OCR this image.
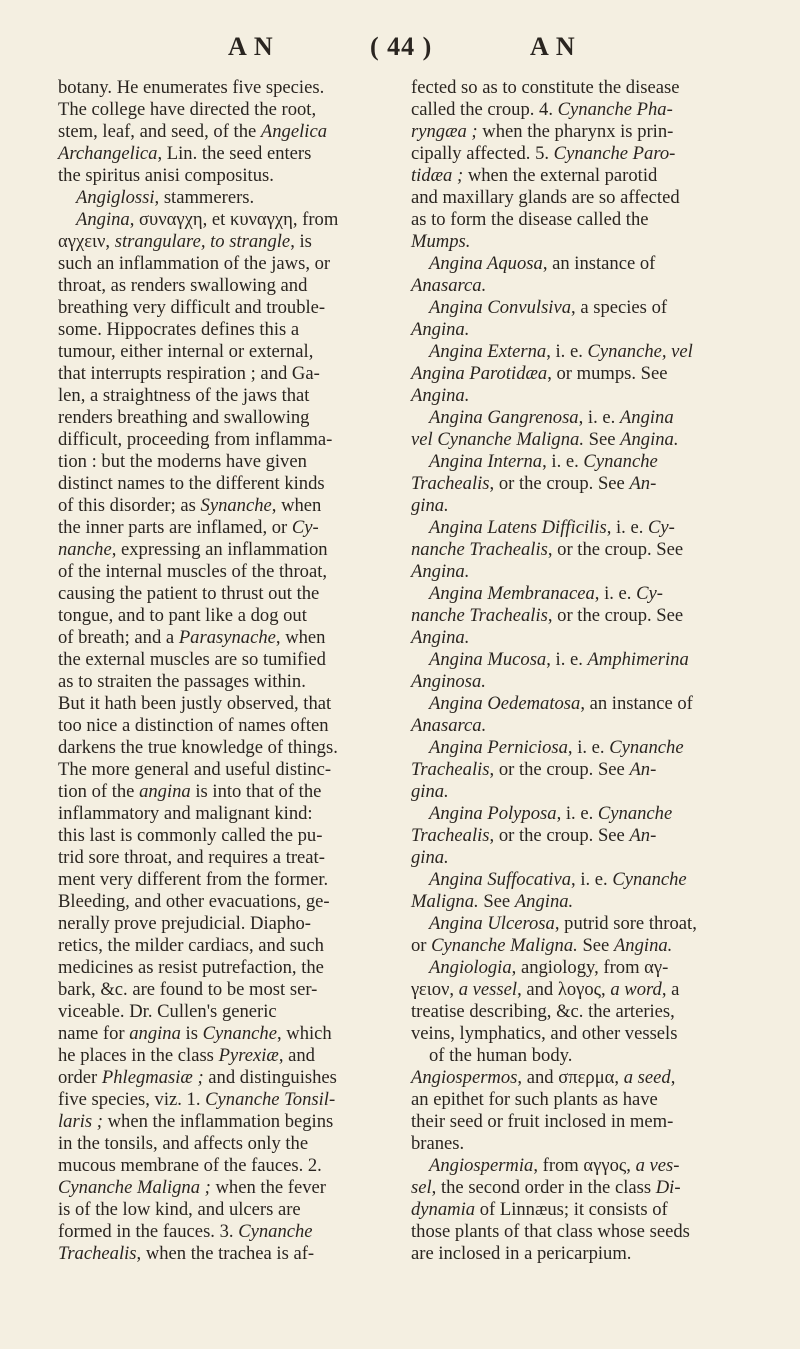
A N	( 44 )	A N
botany. He enumerates five species.
The college have directed the root,
stem, leaf, and seed, of the Angelica
Archangelica, Lin. the seed enters
the spiritus anisi compositus.
Angiglossi, stammerers.
Angina, συναγχη, et κυναγχη, from
αγχειν, strangulare, to strangle, is
such an inflammation of the jaws, or
throat, as renders swallowing and
breathing very difficult and trouble-
some. Hippocrates defines this a
tumour, either internal or external,
that interrupts respiration ; and Ga-
len, a straightness of the jaws that
renders breathing and swallowing
difficult, proceeding from inflamma-
tion : but the moderns have given
distinct names to the different kinds
of this disorder; as Synanche, when
the inner parts are inflamed, or Cy-
nanche, expressing an inflammation
of the internal muscles of the throat,
causing the patient to thrust out the
tongue, and to pant like a dog out
of breath; and a Parasynache, when
the external muscles are so tumified
as to straiten the passages within.
But it hath been justly observed, that
too nice a distinction of names often
darkens the true knowledge of things.
The more general and useful distinc-
tion of the angina is into that of the
inflammatory and malignant kind:
this last is commonly called the pu-
trid sore throat, and requires a treat-
ment very different from the former.
Bleeding, and other evacuations, ge-
nerally prove prejudicial. Diapho-
retics, the milder cardiacs, and such
medicines as resist putrefaction, the
bark, &c. are found to be most ser-
viceable. Dr. Cullen's generic
name for angina is Cynanche, which
he places in the class Pyrexiæ, and
order Phlegmasiæ ; and distinguishes
five species, viz. 1. Cynanche Tonsil-
laris ; when the inflammation begins
in the tonsils, and affects only the
mucous membrane of the fauces. 2.
Cynanche Maligna ; when the fever
is of the low kind, and ulcers are
formed in the fauces. 3. Cynanche
Trachealis, when the trachea is af-
fected so as to constitute the disease
called the croup. 4. Cynanche Pha-
ryngæa ; when the pharynx is prin-
cipally affected. 5. Cynanche Paro-
tidæa ; when the external parotid
and maxillary glands are so affected
as to form the disease called the
Mumps.
Angina Aquosa, an instance of
Anasarca.
Angina Convulsiva, a species of
Angina.
Angina Externa, i. e. Cynanche, vel
Angina Parotidæa, or mumps. See
Angina.
Angina Gangrenosa, i. e. Angina
vel Cynanche Maligna. See Angina.
Angina Interna, i. e. Cynanche
Trachealis, or the croup. See An-
gina.
Angina Latens Difficilis, i. e. Cy-
nanche Trachealis, or the croup. See
Angina.
Angina Membranacea, i. e. Cy-
nanche Trachealis, or the croup. See
Angina.
Angina Mucosa, i. e. Amphimerina
Anginosa.
Angina Oedematosa, an instance of
Anasarca.
Angina Perniciosa, i. e. Cynanche
Trachealis, or the croup. See An-
gina.
Angina Polyposa, i. e. Cynanche
Trachealis, or the croup. See An-
gina.
Angina Suffocativa, i. e. Cynanche
Maligna. See Angina.
Angina Ulcerosa, putrid sore throat,
or Cynanche Maligna. See Angina.
Angiologia, angiology, from αγ-
γειον, a vessel, and λογος, a word, a
treatise describing, &c. the arteries,
veins, lymphatics, and other vessels
of the human body.
Angiospermos, and σπερμα, a seed,
an epithet for such plants as have
their seed or fruit inclosed in mem-
branes.
Angiospermia, from αγγος, a ves-
sel, the second order in the class Di-
dynamia of Linnæus; it consists of
those plants of that class whose seeds
are inclosed in a pericarpium.
